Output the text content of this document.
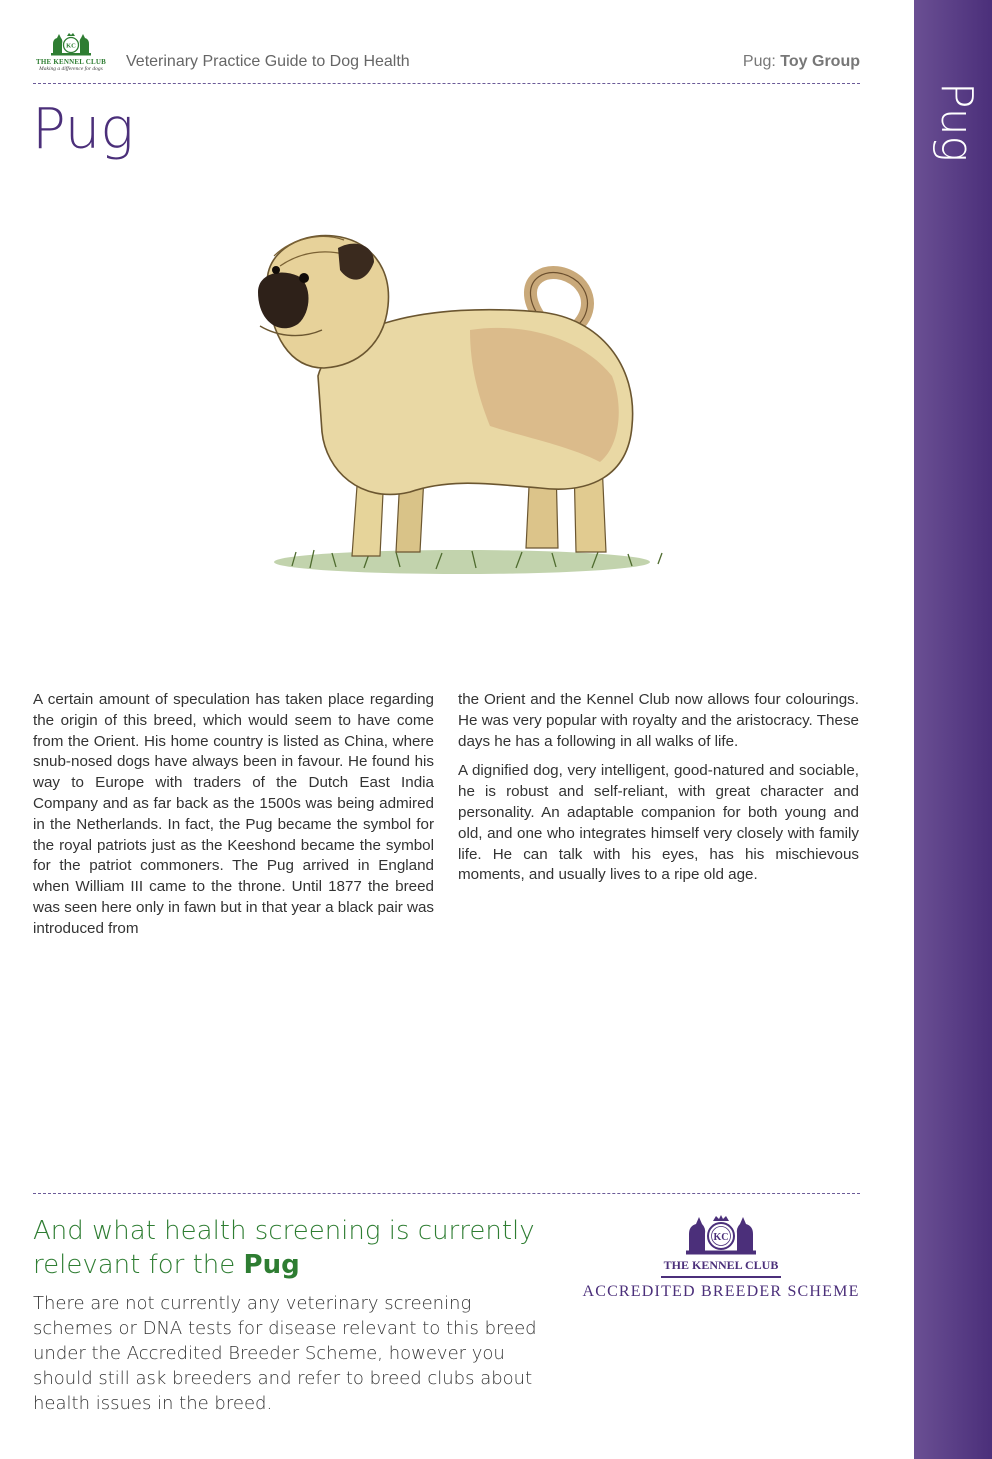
Pug
KC
THE KENNEL CLUB
Making a difference for dogs	Veterinary Practice Guide to Dog Health	Pug: Toy Group
Pug

A certain amount of speculation has taken place regarding the origin of this breed, which would seem to have come from the Orient. His home country is listed as China, where snub-nosed dogs have always been in favour. He found his way to Europe with traders of the Dutch East India Company and as far back as the 1500s was being admired in the Netherlands. In fact, the Pug became the symbol for the royal patriots just as the Keeshond became the symbol for the patriot commoners. The Pug arrived in England when William III came to the throne. Until 1877 the breed was seen here only in fawn but in that year a black pair was introduced from

the Orient and the Kennel Club now allows four colourings. He was very popular with royalty and the aristocracy. These days he has a following in all walks of life.

A dignified dog, very intelligent, good-natured and sociable, he is robust and self-reliant, with great character and personality. An adaptable companion for both young and old, and one who integrates himself very closely with family life. He can talk with his eyes, has his mischievous moments, and usually lives to a ripe old age.

And what health screening is currently relevant for the Pug

There are not currently any veterinary screening schemes or DNA tests for disease relevant to this breed under the Accredited Breeder Scheme, however you should still ask breeders and refer to breed clubs about health issues in the breed.

KC
THE KENNEL CLUB
ACCREDITED BREEDER SCHEME
